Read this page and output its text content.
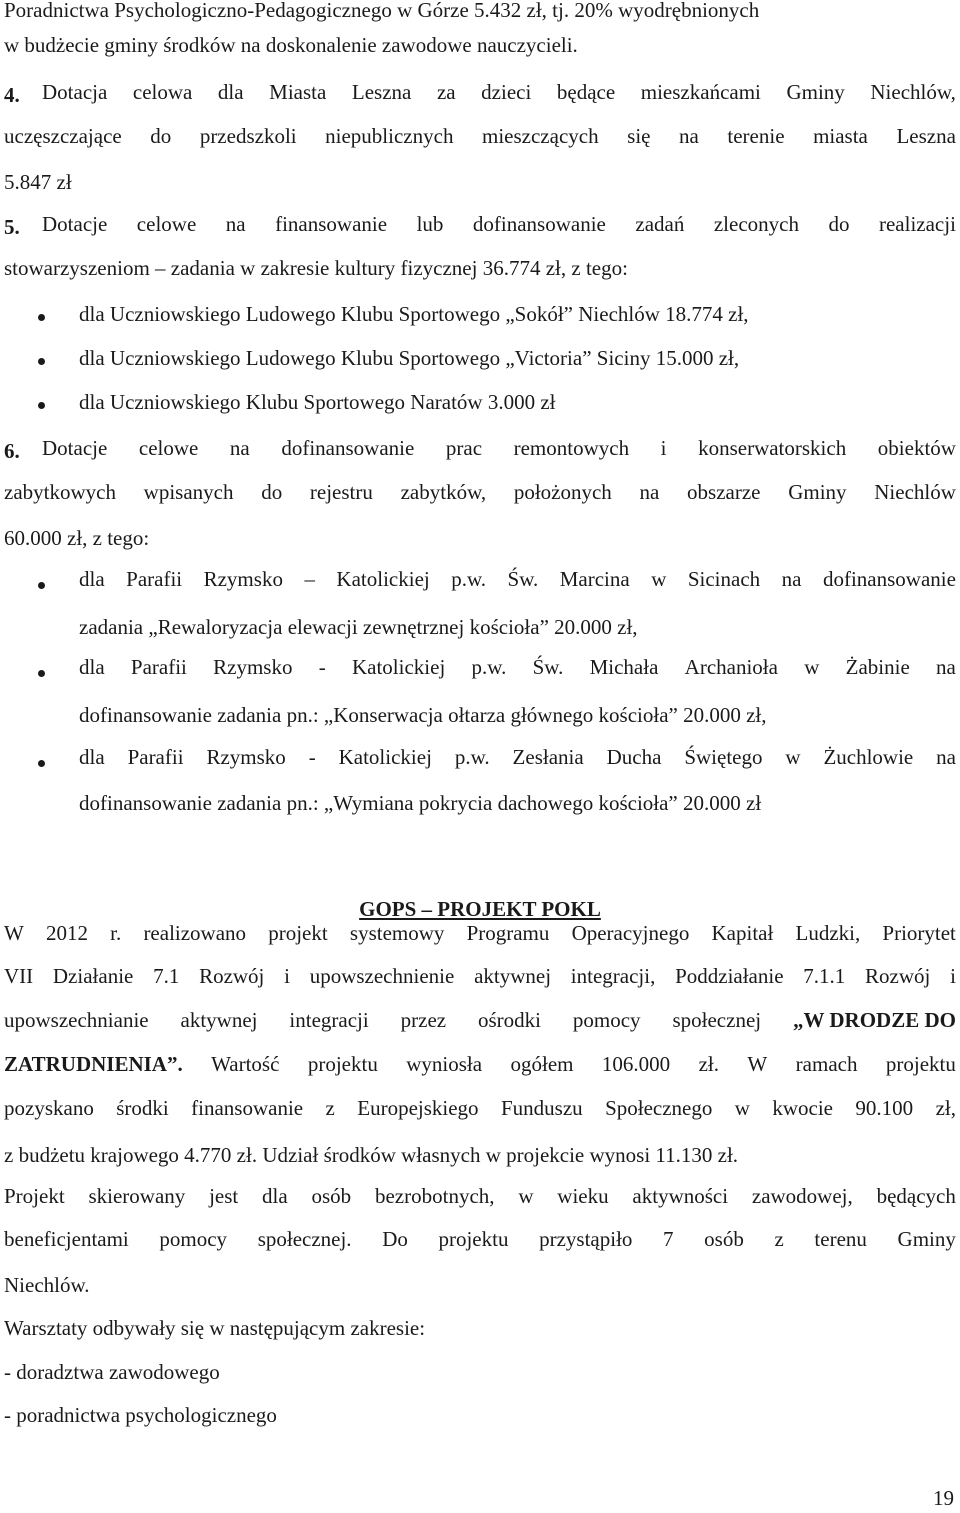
Poradnictwa Psychologiczno-Pedagogicznego w Górze 5.432 zł, tj. 20% wyodrębnionych

w budżecie gminy środków na doskonalenie zawodowe nauczycieli.

4.	Dotacja celowa dla Miasta Leszna za dzieci będące mieszkańcami Gminy Niechlów,
uczęszczające do przedszkoli niepublicznych mieszczących się na terenie miasta Leszna

5.847 zł

5.	Dotacje celowe na finansowanie lub dofinansowanie zadań zleconych do realizacji

stowarzyszeniom – zadania w zakresie kultury fizycznej 36.774 zł, z tego:

dla Uczniowskiego Ludowego Klubu Sportowego „Sokół” Niechlów 18.774 zł,

dla Uczniowskiego Ludowego Klubu Sportowego „Victoria” Siciny 15.000 zł,

dla Uczniowskiego Klubu Sportowego Naratów 3.000 zł

6.	Dotacje celowe na dofinansowanie prac remontowych i konserwatorskich obiektów
zabytkowych wpisanych do rejestru zabytków, położonych na obszarze Gminy Niechlów

60.000 zł, z tego:

dla Parafii Rzymsko – Katolickiej p.w. Św. Marcina w Sicinach na dofinansowanie

zadania „Rewaloryzacja elewacji zewnętrznej kościoła” 20.000 zł,

dla Parafii Rzymsko - Katolickiej p.w. Św. Michała Archanioła w Żabinie na

dofinansowanie zadania pn.: „Konserwacja ołtarza głównego kościoła” 20.000 zł,

dla Parafii Rzymsko - Katolickiej p.w. Zesłania Ducha Świętego w Żuchlowie na

dofinansowanie zadania pn.: „Wymiana pokrycia dachowego kościoła” 20.000 zł

GOPS – PROJEKT POKL

W 2012 r. realizowano projekt systemowy Programu Operacyjnego Kapitał Ludzki, Priorytet
VII Działanie 7.1 Rozwój i upowszechnienie aktywnej integracji, Poddziałanie 7.1.1 Rozwój i
upowszechnianie aktywnej integracji przez ośrodki pomocy społecznej „W DRODZE DO
ZATRUDNIENIA”. Wartość projektu wyniosła ogółem 106.000 zł. W ramach projektu
pozyskano środki finansowanie z Europejskiego Funduszu Społecznego w kwocie 90.100 zł,

z budżetu krajowego 4.770 zł. Udział środków własnych w projekcie wynosi 11.130 zł.

Projekt skierowany jest dla osób bezrobotnych, w wieku aktywności zawodowej, będących
beneficjentami pomocy społecznej. Do projektu przystąpiło 7 osób z terenu Gminy

Niechlów.

Warsztaty odbywały się w następującym zakresie:

- doradztwa zawodowego

- poradnictwa psychologicznego

19
